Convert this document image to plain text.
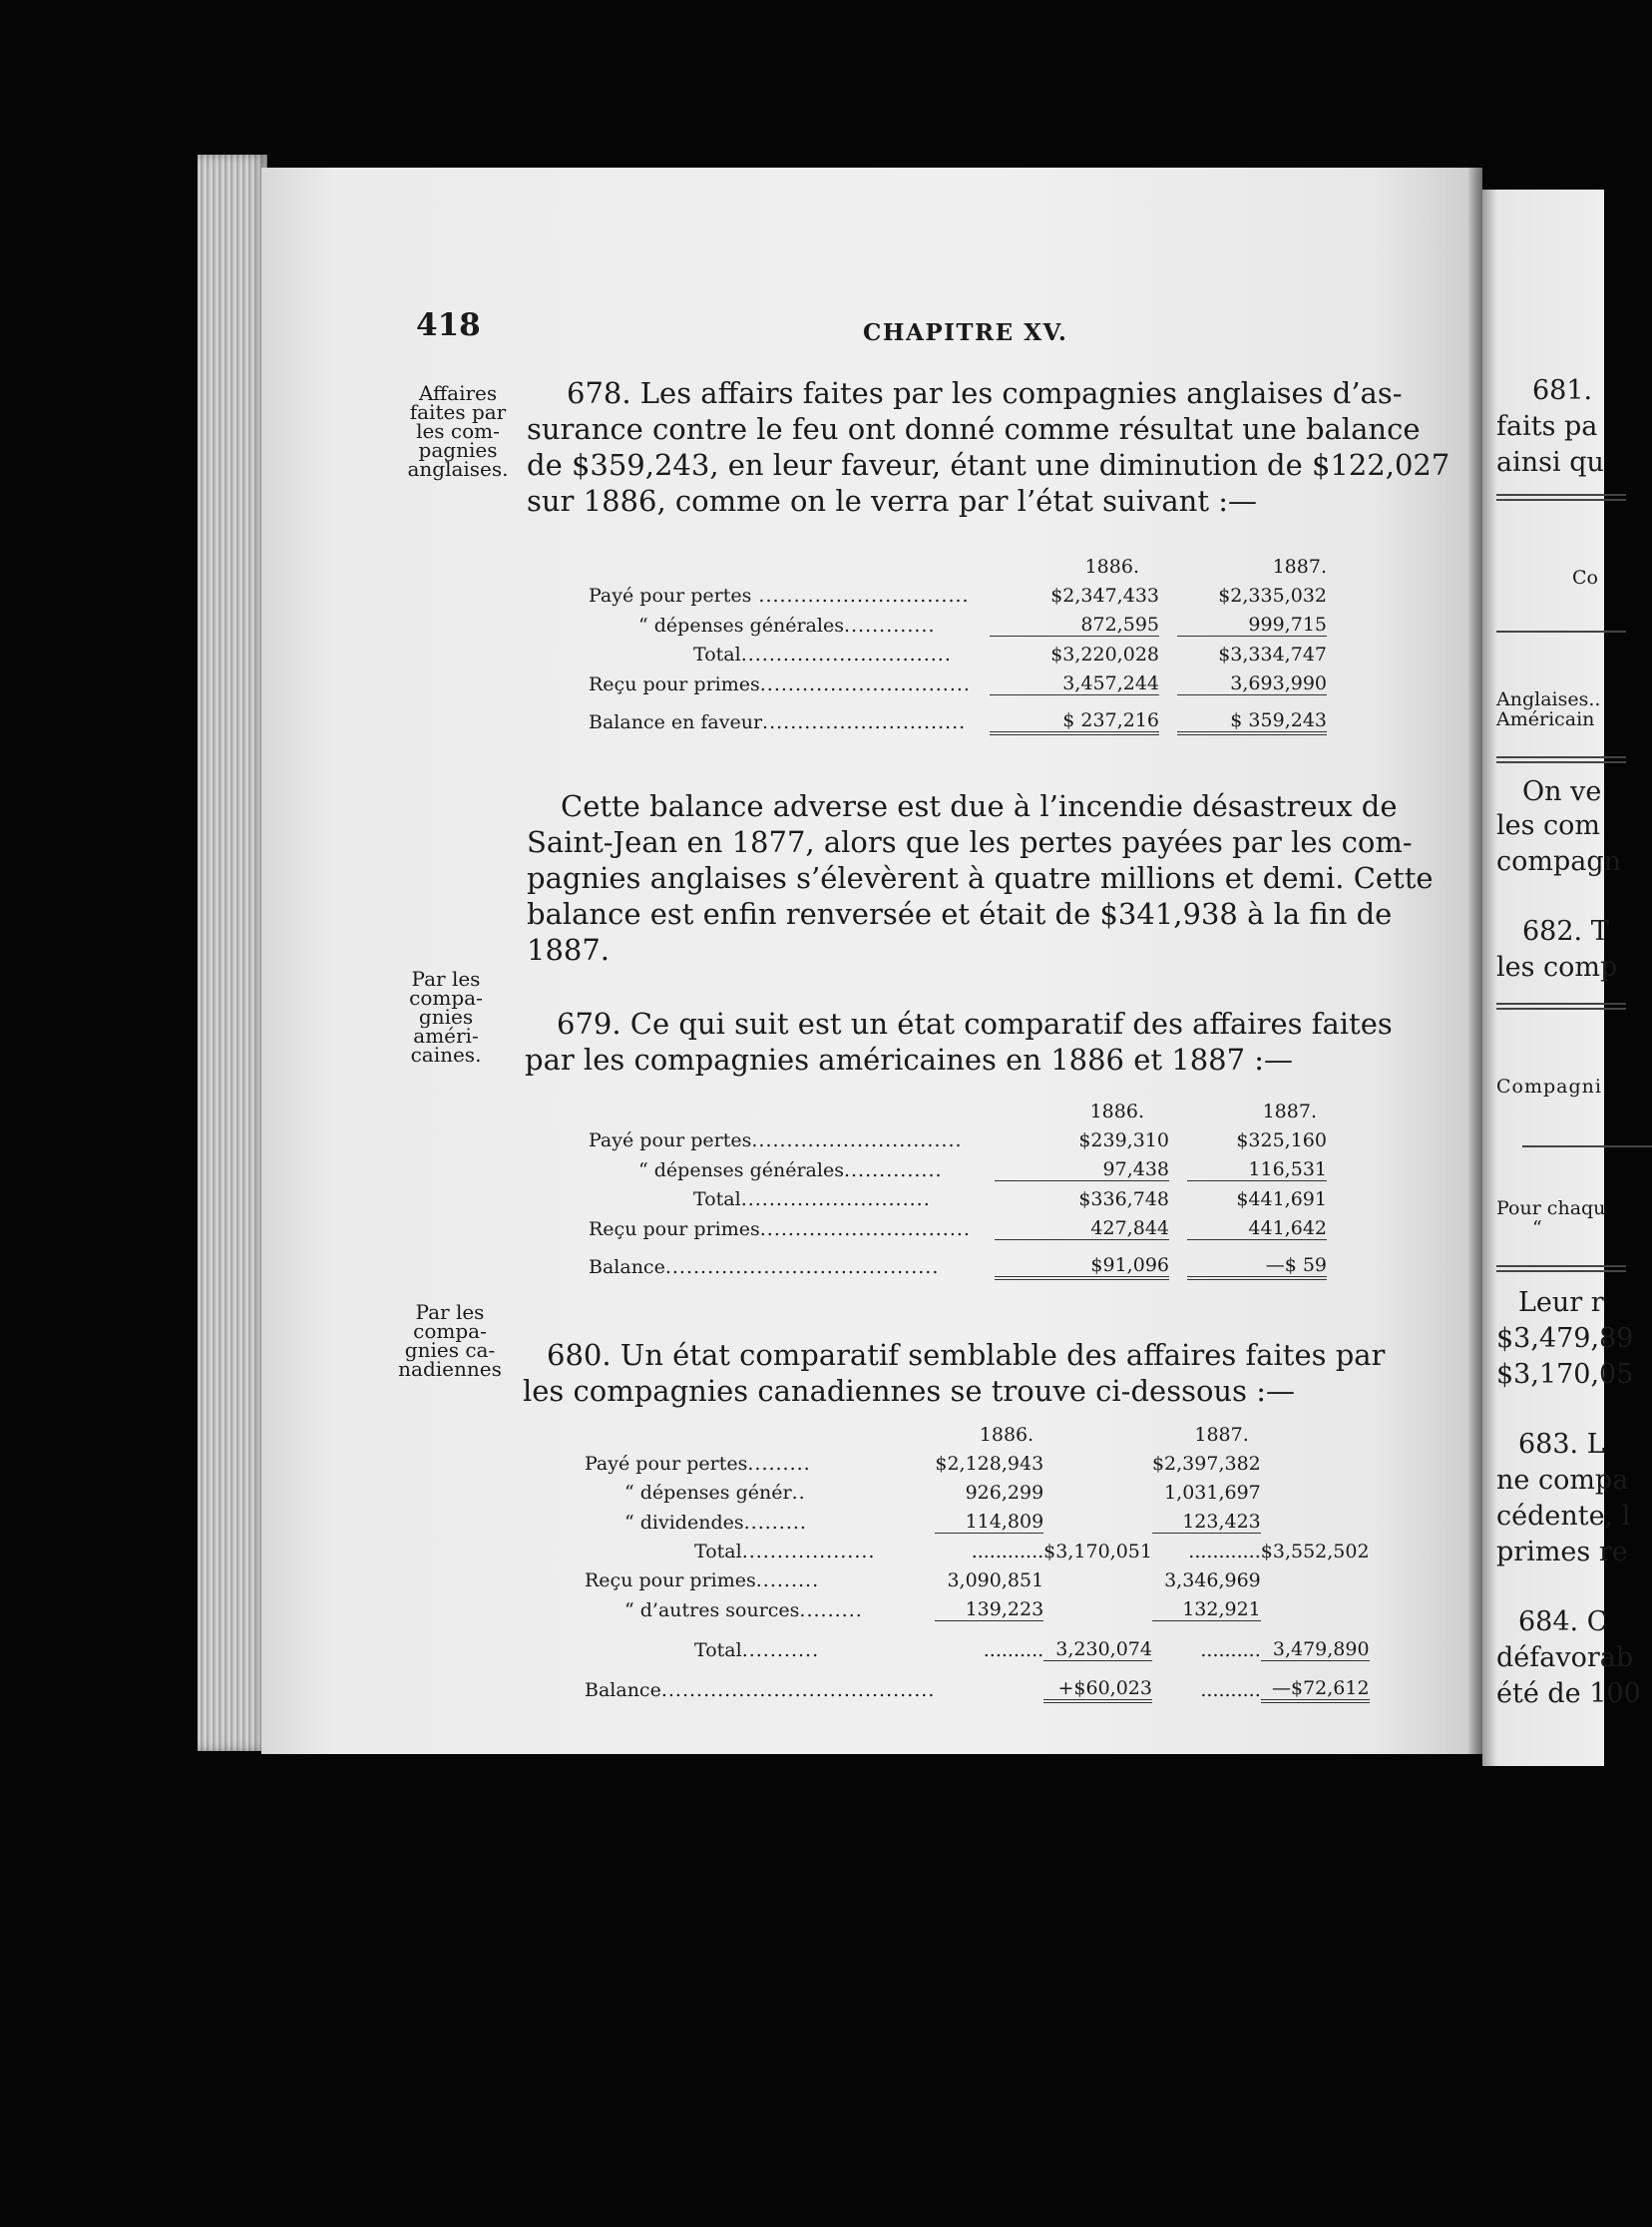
681.
faits pa
ainsi qu
Co
Anglaises..
Américain
On ve
les com
compagn
682. T
les comp
Compagni
Pour chaqu
“
Leur r
$3,479,89
$3,170,05
683. L
ne compa
cédente, l
primes re
684. C
défavorab
été de 100
418	CHAPITRE XV.
Affaires
faites par
les com-
pagnies
anglaises.
Par les
compa-
gnies
améri-
caines.
Par les
compa-
gnies ca-
nadiennes
678. Les affairs faites par les compagnies anglaises d’as-
surance contre le feu ont donné comme résultat une balance
de $359,243, en leur faveur, étant une diminution de $122,027
sur 1886, comme on le verra par l’état suivant :—
	1886.		1887.
Payé pour pertes ..............................	$2,347,433		$2,335,032
“ dépenses générales.............	872,595		999,715
Total..............................	$3,220,028		$3,334,747
Reçu pour primes..............................	3,457,244		3,693,990
Balance en faveur.............................	$ 237,216		$ 359,243
Cette balance adverse est due à l’incendie désastreux de
Saint-Jean en 1877, alors que les pertes payées par les com-
pagnies anglaises s’élevèrent à quatre millions et demi. Cette
balance est enfin renversée et était de $341,938 à la fin de
1887.
679. Ce qui suit est un état comparatif des affaires faites
par les compagnies américaines en 1886 et 1887 :—
	1886.		1887.
Payé pour pertes..............................	$239,310		$325,160
“ dépenses générales..............	97,438		116,531
Total...........................	$336,748		$441,691
Reçu pour primes..............................	427,844		441,642
Balance.......................................	$91,096		—$ 59
680. Un état comparatif semblable des affaires faites par
les compagnies canadiennes se trouve ci-dessous :—
	1886.		1887.	
Payé pour pertes.........	$2,128,943		$2,397,382	
“ dépenses génér..	926,299		1,031,697	
“ dividendes.........	114,809		123,423	
Total...................	............	$3,170,051	............	$3,552,502
Reçu pour primes.........	3,090,851		3,346,969	
“ d’autres sources.........	139,223		132,921	
Total...........	..........	3,230,074	..........	3,479,890
Balance.......................................		+$60,023	..........	—$72,612
